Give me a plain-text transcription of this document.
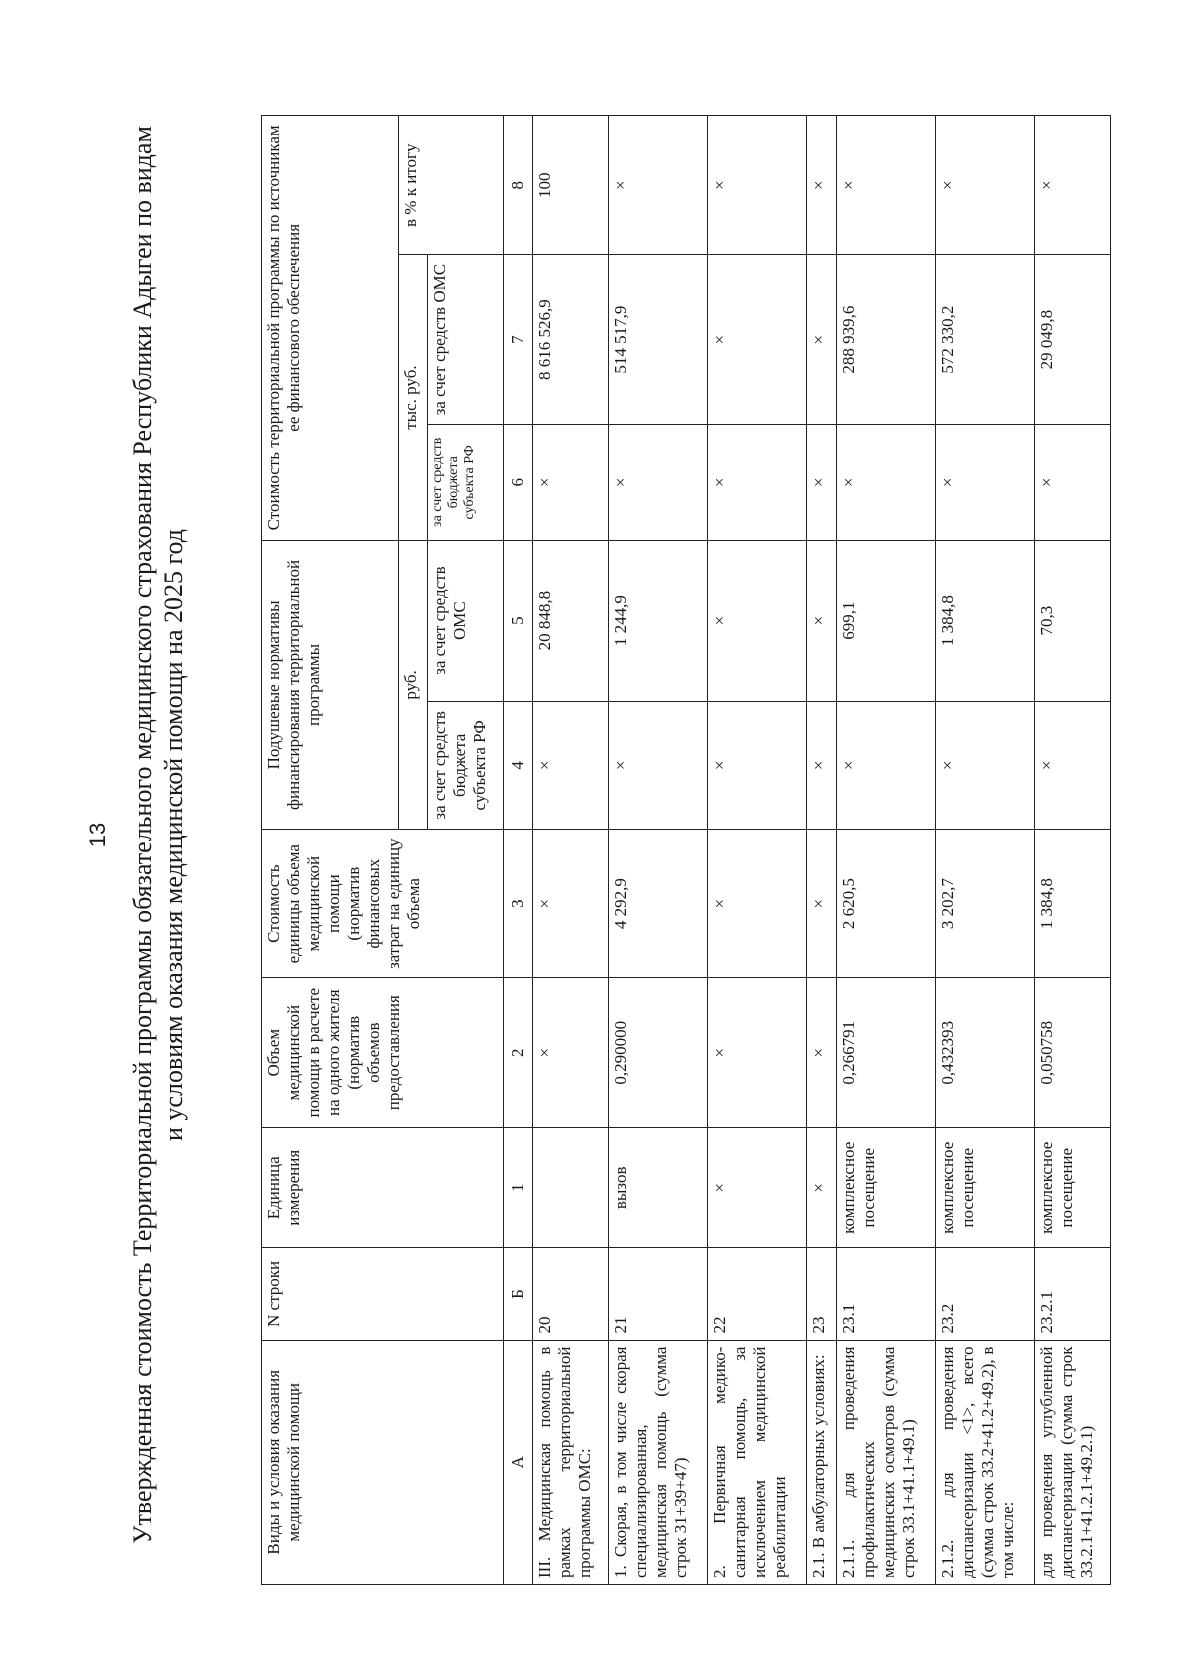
13 Утвержденная стоимость Территориальной программы обязательного медицинского страхования Республики Адыгеи по видам и условиям оказания медицинской помощи на 2025 год
Виды и условия оказания медицинской помощи	N строки	Единица измерения	Объем медицинской помощи в расчете на одного жителя (норматив объемов предоставления	Стоимость единицы объема медицинской помощи (норматив финансовых затрат на единицу объема	Подушевые нормативы финансирования территориальной программы		Стоимость территориальной программы по источникам ее финансового обеспечения		
					руб.		тыс. руб.		в % к итогу
					за счет средств бюджета субъекта РФ	за счет средств ОМС	за счет средств бюджета субъекта РФ	за счет средств ОМС	
А	Б	1	2	3	4	5	6	7	8
III. Медицинская помощь в рамках территориальной программы ОМС:	20		×	×	×	20 848,8	×	8 616 526,9	100
1. Скорая, в том числе скорая специализированная, медицинская помощь (сумма строк 31+39+47)	21	вызов	0,290000	4 292,9	×	1 244,9	×	514 517,9	×
2. Первичная медико-санитарная помощь, за исключением медицинской реабилитации	22	×	×	×	×	×	×	×	×
2.1. В амбулаторных условиях:	23	×	×	×	×	×	×	×	×
2.1.1. для проведения профилактических медицинских осмотров (сумма строк 33.1+41.1+49.1)	23.1	комплексное посещение	0,266791	2 620,5	×	699,1	×	288 939,6	×
2.1.2. для проведения диспансеризации <1>, всего (сумма строк 33.2+41.2+49.2), в том числе:	23.2	комплексное посещение	0,432393	3 202,7	×	1 384,8	×	572 330,2	×
для проведения углубленной диспансеризации (сумма строк 33.2.1+41.2.1+49.2.1)	23.2.1	комплексное посещение	0,050758	1 384,8	×	70,3	×	29 049,8	×
